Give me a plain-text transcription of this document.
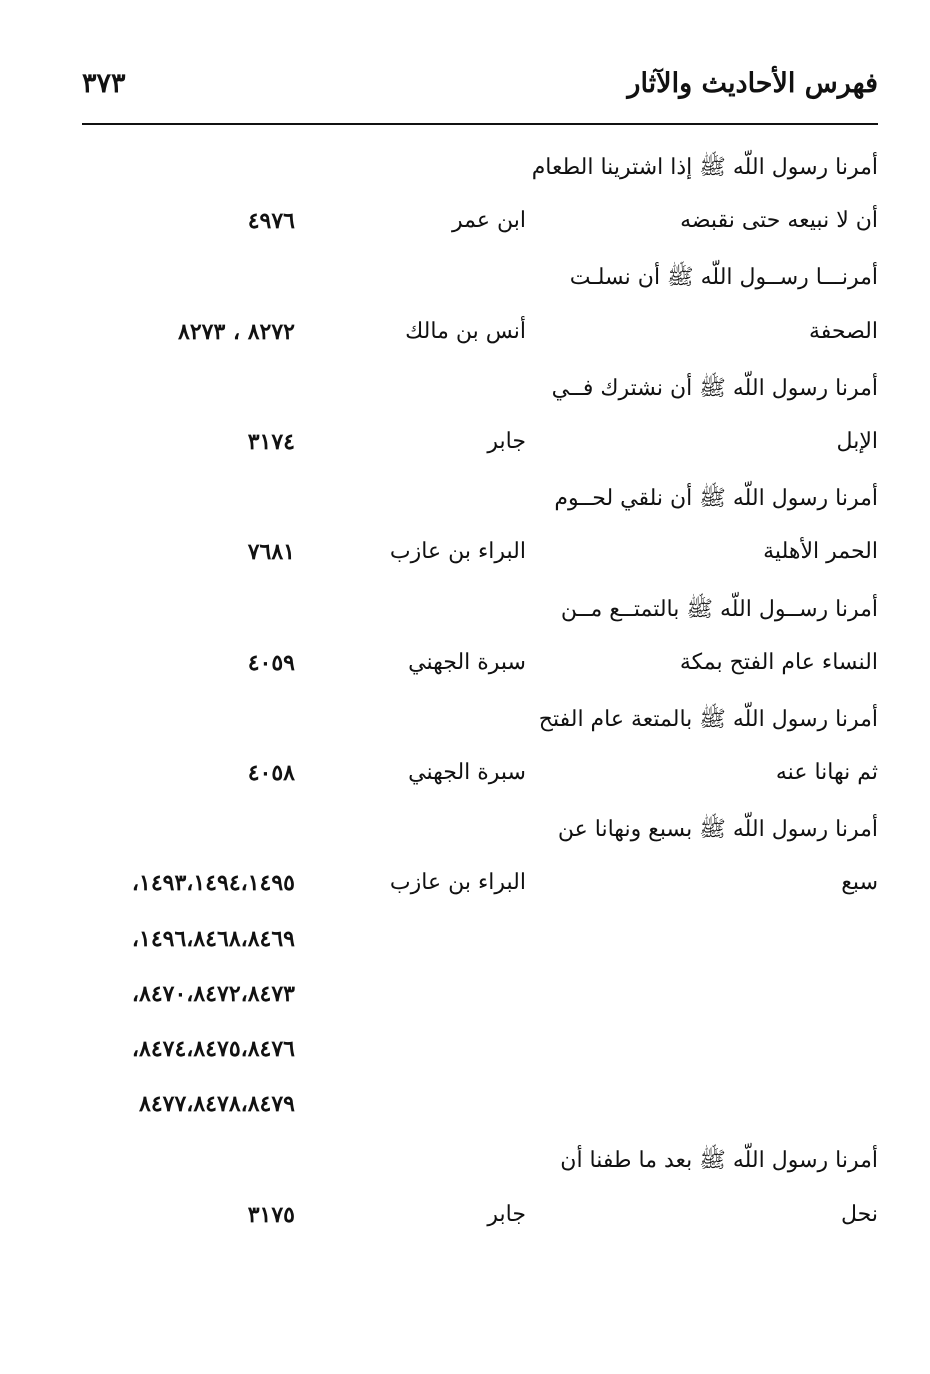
فهرس الأحاديث والآثار
٣٧٣
أمرنا رسول اللّه ﷺ إذا اشترينا الطعام
أن لا نبيعه حتى نقبضه
ابن عمر
٤٩٧٦
أمرنـــا رســول اللّه ﷺ أن نسلـت
الصحفة
أنس بن مالك
٨٢٧٢ ، ٨٢٧٣
أمرنا رسول اللّه ﷺ أن نشترك فــي
الإبل
جابر
٣١٧٤
أمرنا رسول اللّه ﷺ أن نلقي لحــوم
الحمر الأهلية
البراء بن عازب
٧٦٨١
أمرنا رســول اللّه ﷺ بالتمتــع مــن
النساء عام الفتح بمكة
سبرة الجهني
٤٠٥٩
أمرنا رسول اللّه ﷺ بالمتعة عام الفتح
ثم نهانا عنه
سبرة الجهني
٤٠٥٨
أمرنا رسول اللّه ﷺ بسبع ونهانا عن
سبع
البراء بن عازب
١٤٩٣،١٤٩٤،١٤٩٥،
١٤٩٦،٨٤٦٨،٨٤٦٩،
٨٤٧٠،٨٤٧٢،٨٤٧٣،
٨٤٧٤،٨٤٧٥،٨٤٧٦،
٨٤٧٧،٨٤٧٨،٨٤٧٩
أمرنا رسول اللّه ﷺ بعد ما طفنا أن
نحل
جابر
٣١٧٥
